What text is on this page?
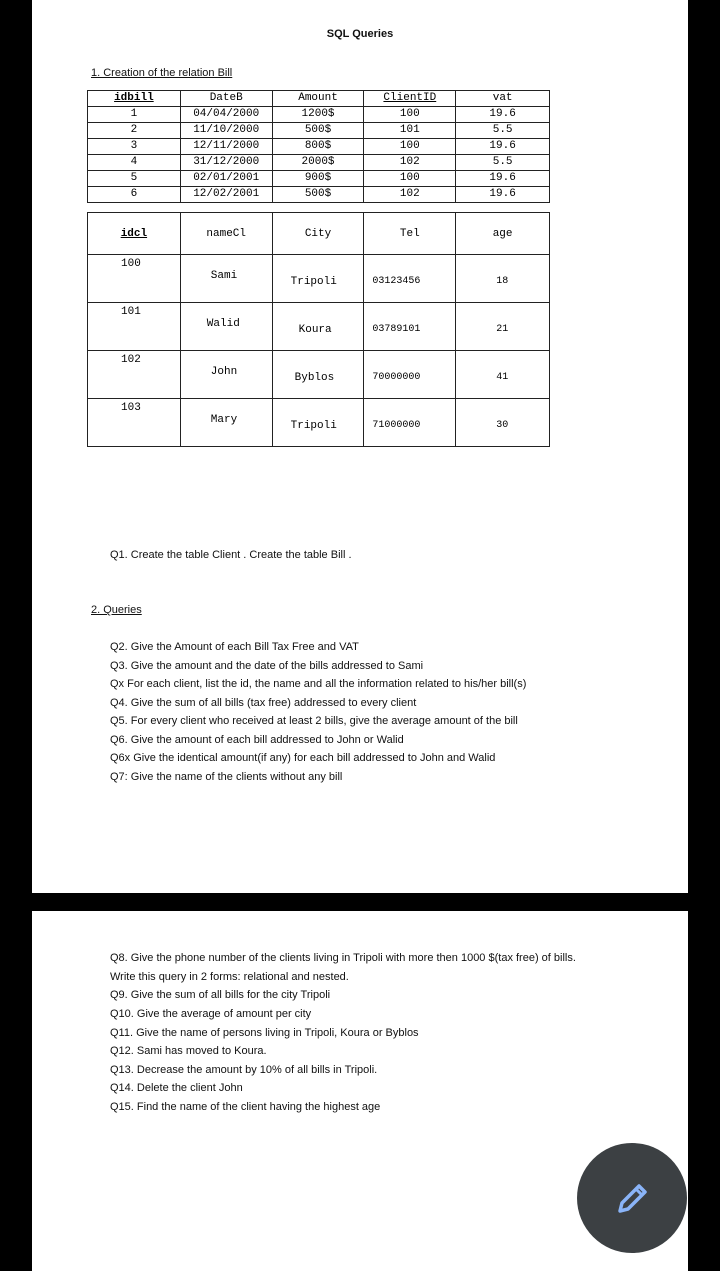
SQL Queries
1. Creation of the relation Bill
idbill	DateB	Amount	ClientID	vat
1	04/04/2000	1200$	100	19.6
2	11/10/2000	500$	101	5.5
3	12/11/2000	800$	100	19.6
4	31/12/2000	2000$	102	5.5
5	02/01/2001	900$	100	19.6
6	12/02/2001	500$	102	19.6
idcl	nameCl	City	Tel	age

100	Sami	Tripoli	03123456	18

101	Walid	Koura	03789101	21

102	John	Byblos	70000000	41

103	Mary	Tripoli	71000000	30
Q1. Create the table Client . Create the table Bill .
2. Queries
Q2. Give the Amount of each Bill Tax Free and VAT
Q3. Give the amount and the date of the bills addressed to Sami
Qx For each client, list the id, the name and all the information related to his/her bill(s)
Q4. Give the sum of all bills (tax free) addressed to every client
Q5. For every client who received at least 2 bills, give the average amount of the bill
Q6. Give the amount of each bill addressed to John or Walid
Q6x Give the identical amount(if any) for each bill addressed to John and Walid
Q7: Give the name of the clients without any bill
Q8. Give the phone number of the clients living in Tripoli with more then 1000 $(tax free) of bills.
Write this query in 2 forms: relational and nested.
Q9. Give the sum of all bills for the city Tripoli
Q10. Give the average of amount per city
Q11. Give the name of persons living in Tripoli, Koura or Byblos
Q12. Sami has moved to Koura.
Q13. Decrease the amount by 10% of all bills in Tripoli.
Q14. Delete the client John
Q15. Find the name of the client having the highest age
